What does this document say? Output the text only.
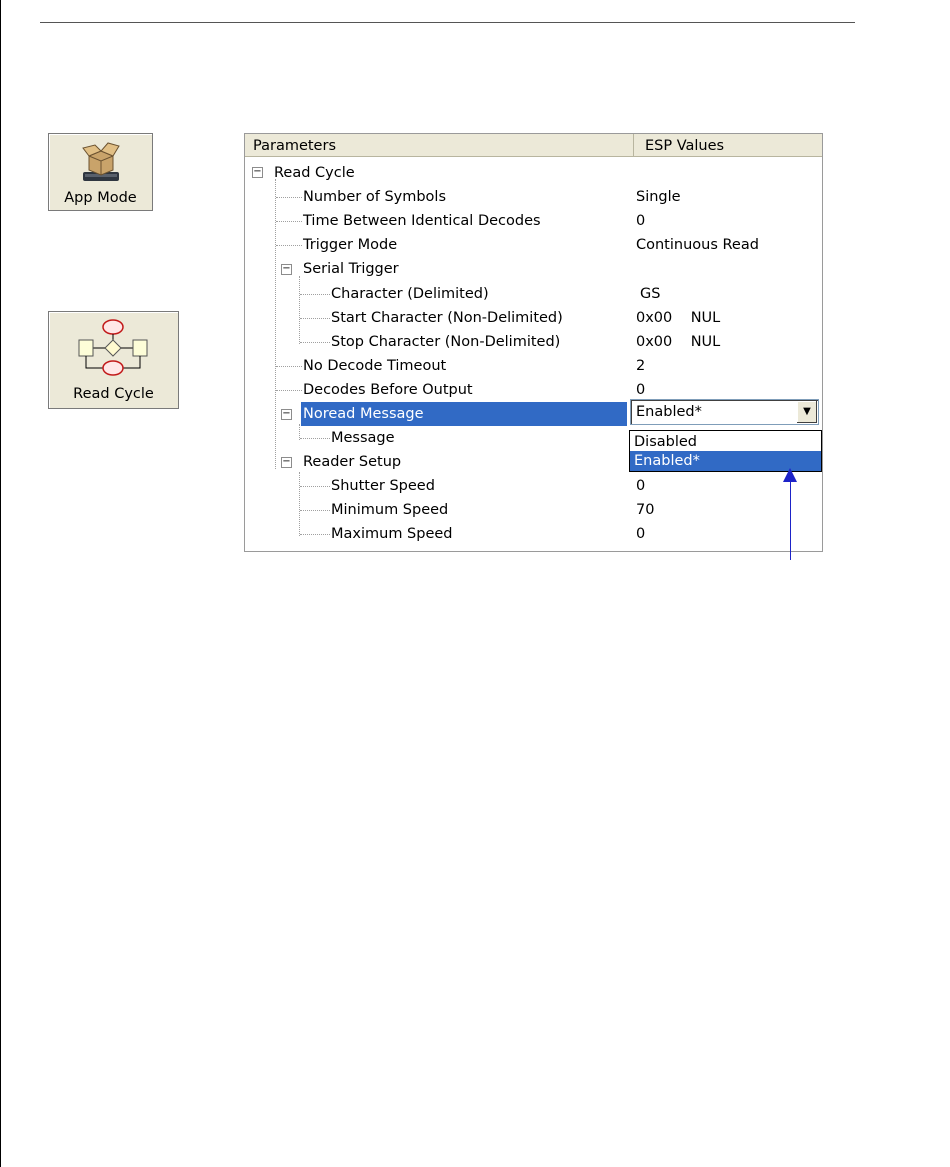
App Mode
Read Cycle
Parameters	ESP Values
−
−
−
−
Read Cycle
Number of Symbols	Single
Time Between Identical Decodes	0
Trigger Mode	Continuous Read
Serial Trigger
Character (Delimited)	GS
Start Character (Non-Delimited)	0x00    NUL
Stop Character (Non-Delimited)	0x00    NUL
No Decode Timeout	2
Decodes Before Output	0
Noread Message
Message
Reader Setup
Shutter Speed	0
Minimum Speed	70
Maximum Speed	0
Enabled*	▼
Disabled
Enabled*
